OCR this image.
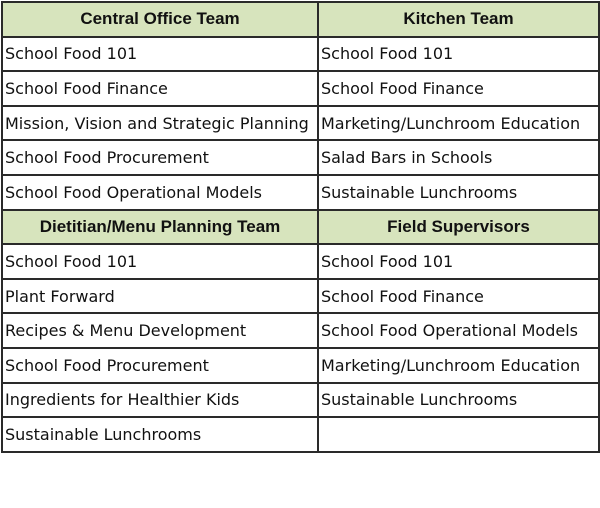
Central Office Team	Kitchen Team
School Food 101	School Food 101
School Food Finance	School Food Finance
Mission, Vision and Strategic Planning	Marketing/Lunchroom Education
School Food Procurement	Salad Bars in Schools
School Food Operational Models	Sustainable Lunchrooms
Dietitian/Menu Planning Team	Field Supervisors
School Food 101	School Food 101
Plant Forward	School Food Finance
Recipes & Menu Development	School Food Operational Models
School Food Procurement	Marketing/Lunchroom Education
Ingredients for Healthier Kids	Sustainable Lunchrooms
Sustainable Lunchrooms	
